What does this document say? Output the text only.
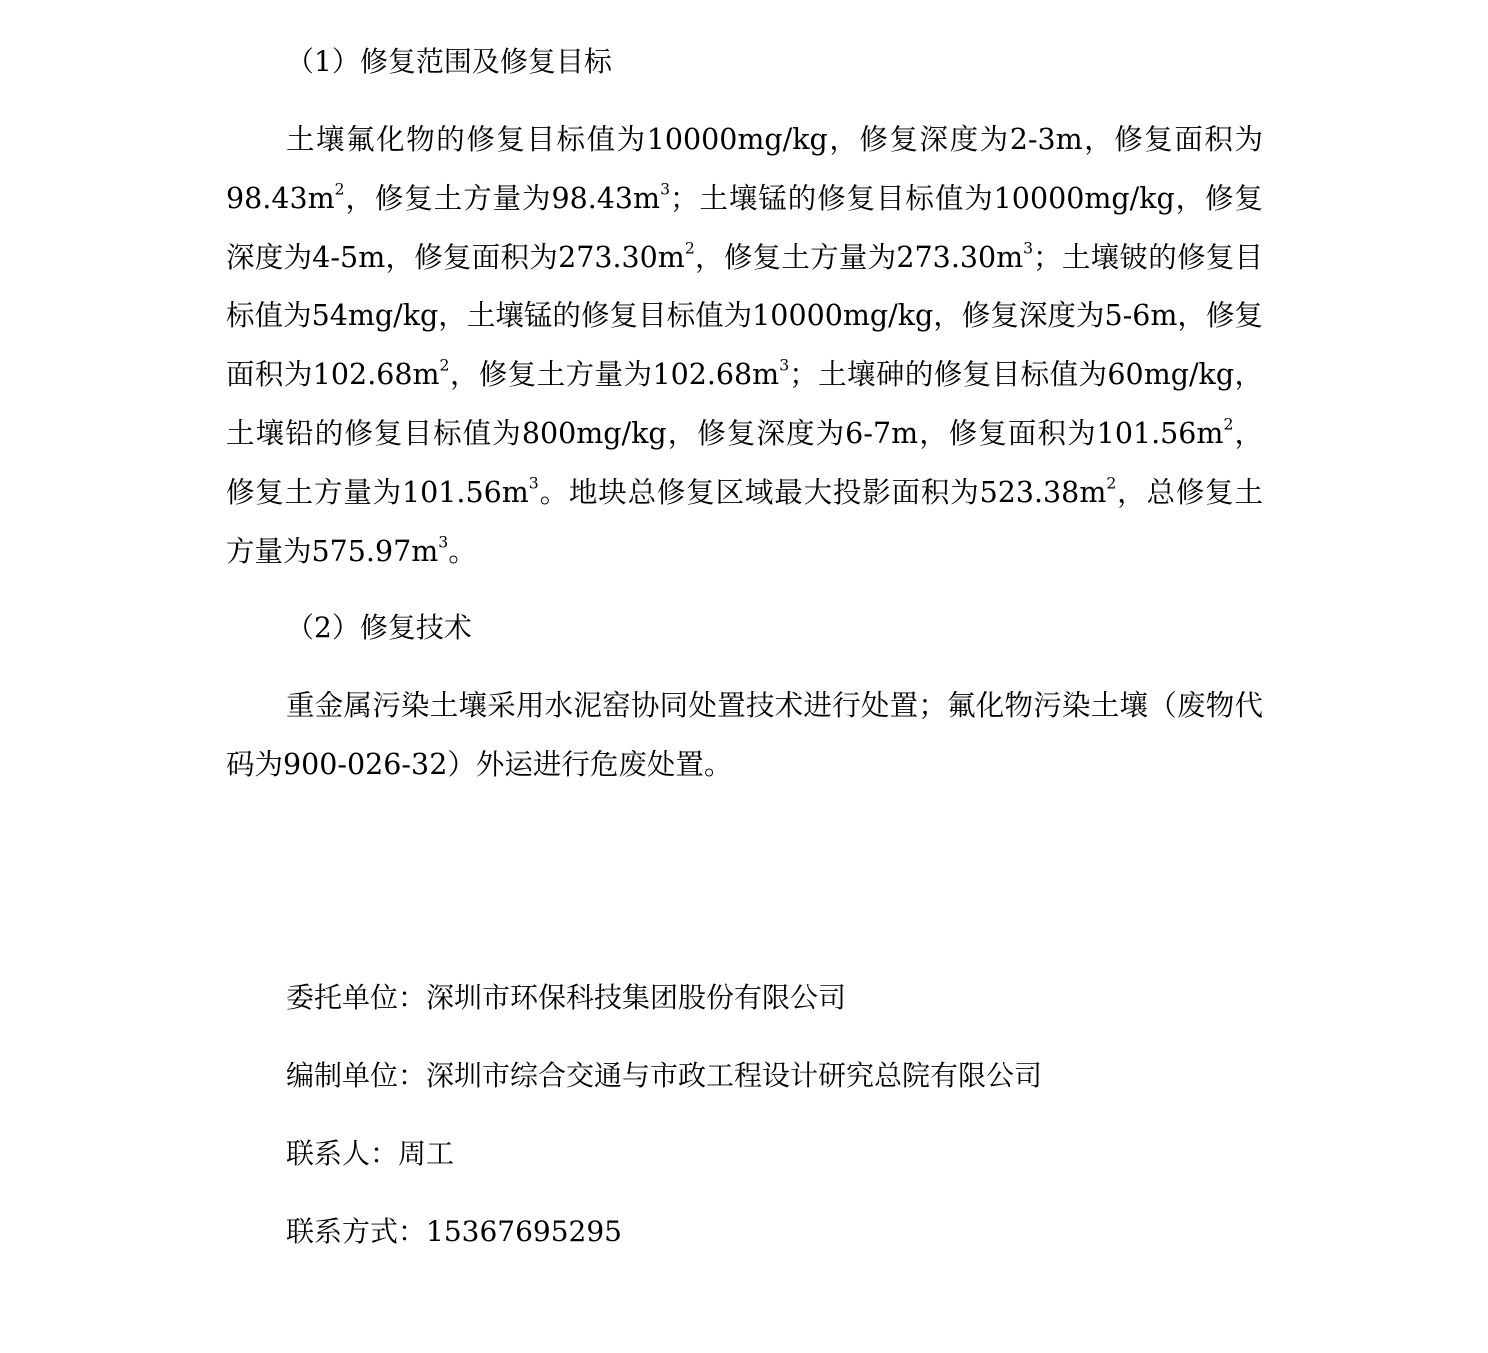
（1）修复范围及修复目标

土壤氟化物的修复目标值为10000mg/kg，修复深度为2-3m，修复面积为$98.43m^2$，修复土方量为$98.43m^3$；土壤锰的修复目标值为10000mg/kg，修复深度为4-5m，修复面积为$273.30m^2$，修复土方量为$273.30m^3$；土壤铍的修复目标值为54mg/kg，土壤锰的修复目标值为10000mg/kg，修复深度为5-6m，修复面积为$102.68m^2$，修复土方量为$102.68m^3$；土壤砷的修复目标值为60mg/kg，土壤铅的修复目标值为800mg/kg，修复深度为6-7m，修复面积为$101.56m^2$，修复土方量为$101.56m^3$。地块总修复区域最大投影面积为$523.38m^2$，总修复土方量为$575.97m^3$。

（2）修复技术

重金属污染土壤采用水泥窑协同处置技术进行处置；氟化物污染土壤（废物代码为900-026-32）外运进行危废处置。

委托单位：深圳市环保科技集团股份有限公司
编制单位：深圳市综合交通与市政工程设计研究总院有限公司
联系人：周工
联系方式：15367695295
